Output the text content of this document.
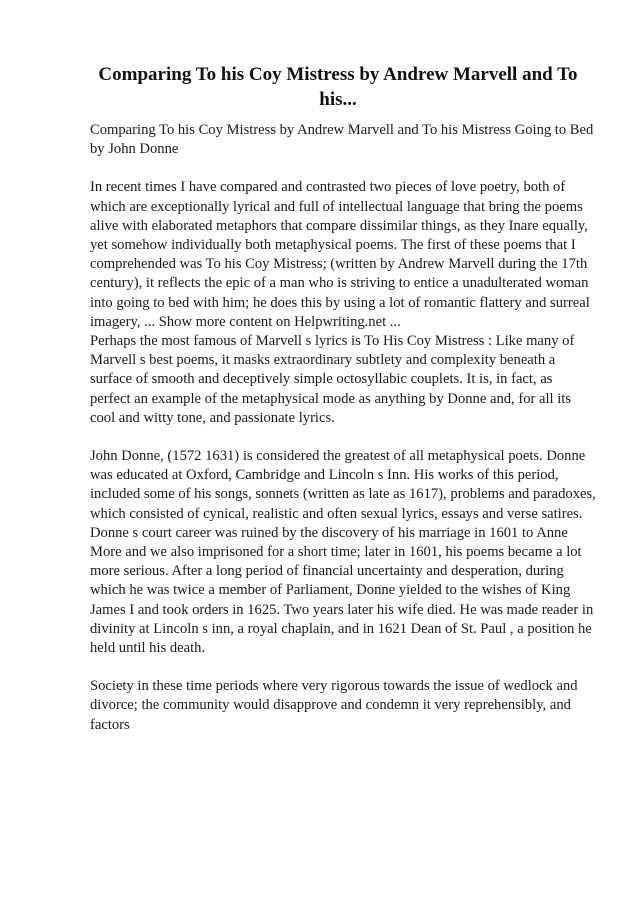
Comparing To his Coy Mistress by Andrew Marvell and To his...

Comparing To his Coy Mistress by Andrew Marvell and To his Mistress Going to Bed by John Donne

In recent times I have compared and contrasted two pieces of love poetry, both of which are exceptionally lyrical and full of intellectual language that bring the poems alive with elaborated metaphors that compare dissimilar things, as they Inare equally, yet somehow individually both metaphysical poems. The first of these poems that I comprehended was To his Coy Mistress; (written by Andrew Marvell during the 17th century), it reflects the epic of a man who is striving to entice a unadulterated woman into going to bed with him; he does this by using a lot of romantic flattery and surreal imagery, ... Show more content on Helpwriting.net ...

Perhaps the most famous of Marvell s lyrics is To His Coy Mistress : Like many of Marvell s best poems, it masks extraordinary subtlety and complexity beneath a surface of smooth and deceptively simple octosyllabic couplets. It is, in fact, as perfect an example of the metaphysical mode as anything by Donne and, for all its cool and witty tone, and passionate lyrics.

John Donne, (1572 1631) is considered the greatest of all metaphysical poets. Donne was educated at Oxford, Cambridge and Lincoln s Inn. His works of this period, included some of his songs, sonnets (written as late as 1617), problems and paradoxes, which consisted of cynical, realistic and often sexual lyrics, essays and verse satires. Donne s court career was ruined by the discovery of his marriage in 1601 to Anne More and we also imprisoned for a short time; later in 1601, his poems became a lot more serious. After a long period of financial uncertainty and desperation, during which he was twice a member of Parliament, Donne yielded to the wishes of King James I and took orders in 1625. Two years later his wife died. He was made reader in divinity at Lincoln s inn, a royal chaplain, and in 1621 Dean of St. Paul , a position he held until his death.

Society in these time periods where very rigorous towards the issue of wedlock and divorce; the community would disapprove and condemn it very reprehensibly, and factors
